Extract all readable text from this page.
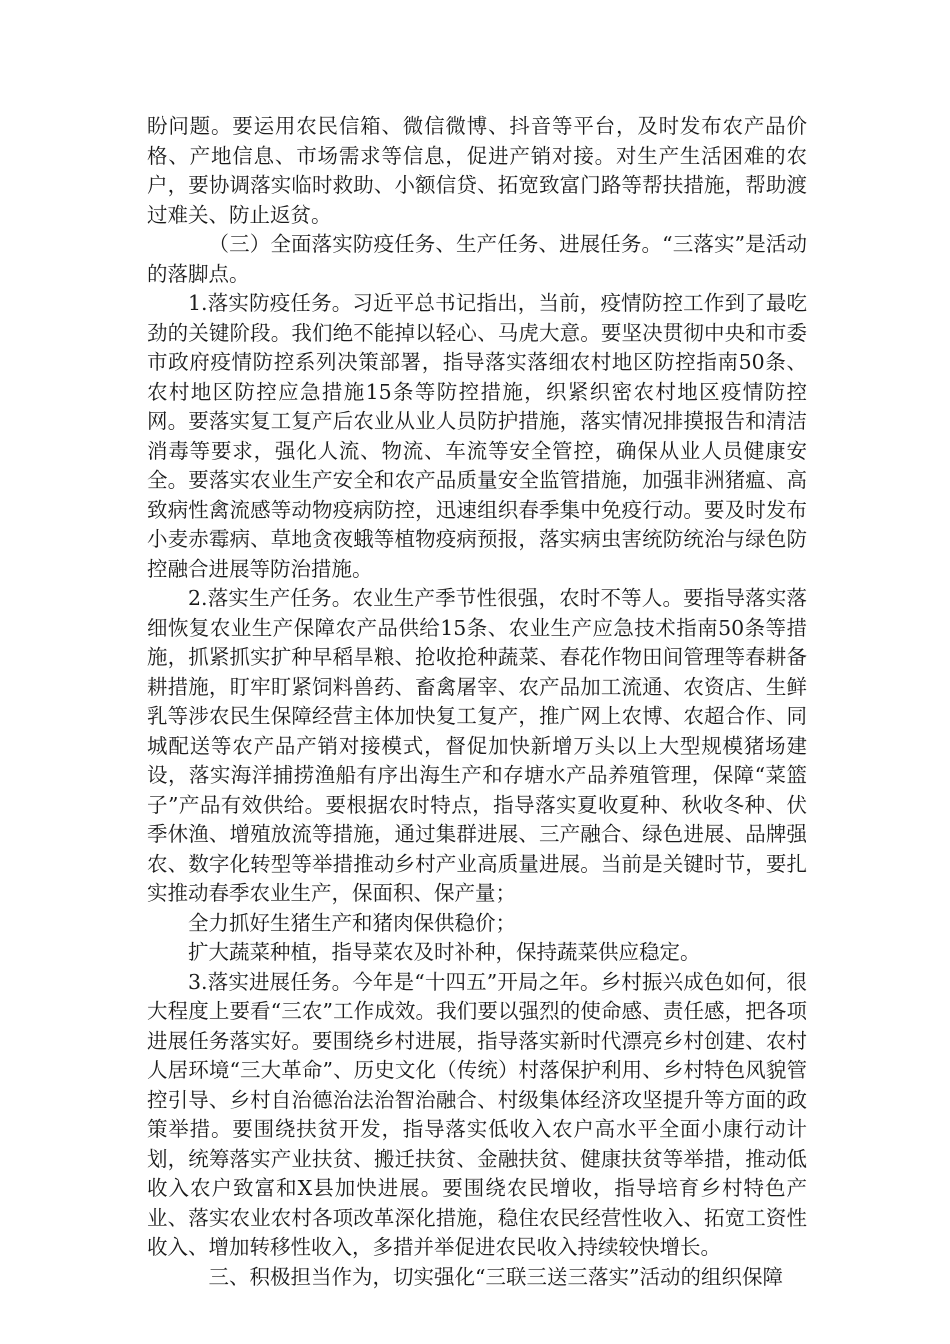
盼问题。要运用农民信箱、微信微博、抖音等平台，及时发布农产品价格、产地信息、市场需求等信息，促进产销对接。对生产生活困难的农户，要协调落实临时救助、小额信贷、拓宽致富门路等帮扶措施，帮助渡过难关、防止返贫。

（三）全面落实防疫任务、生产任务、进展任务。“三落实”是活动的落脚点。

1.落实防疫任务。习近平总书记指出，当前，疫情防控工作到了最吃劲的关键阶段。我们绝不能掉以轻心、马虎大意。要坚决贯彻中央和市委市政府疫情防控系列决策部署，指导落实落细农村地区防控指南50条、农村地区防控应急措施15条等防控措施，织紧织密农村地区疫情防控网。要落实复工复产后农业从业人员防护措施，落实情况排摸报告和清洁消毒等要求，强化人流、物流、车流等安全管控，确保从业人员健康安全。要落实农业生产安全和农产品质量安全监管措施，加强非洲猪瘟、高致病性禽流感等动物疫病防控，迅速组织春季集中免疫行动。要及时发布小麦赤霉病、草地贪夜蛾等植物疫病预报，落实病虫害统防统治与绿色防控融合进展等防治措施。

2.落实生产任务。农业生产季节性很强，农时不等人。要指导落实落细恢复农业生产保障农产品供给15条、农业生产应急技术指南50条等措施，抓紧抓实扩种早稻旱粮、抢收抢种蔬菜、春花作物田间管理等春耕备耕措施，盯牢盯紧饲料兽药、畜禽屠宰、农产品加工流通、农资店、生鲜乳等涉农民生保障经营主体加快复工复产，推广网上农博、农超合作、同城配送等农产品产销对接模式，督促加快新增万头以上大型规模猪场建设，落实海洋捕捞渔船有序出海生产和存塘水产品养殖管理，保障“菜篮子”产品有效供给。要根据农时特点，指导落实夏收夏种、秋收冬种、伏季休渔、增殖放流等措施，通过集群进展、三产融合、绿色进展、品牌强农、数字化转型等举措推动乡村产业高质量进展。当前是关键时节，要扎实推动春季农业生产，保面积、保产量；

全力抓好生猪生产和猪肉保供稳价；

扩大蔬菜种植，指导菜农及时补种，保持蔬菜供应稳定。

3.落实进展任务。今年是“十四五”开局之年。乡村振兴成色如何，很大程度上要看“三农”工作成效。我们要以强烈的使命感、责任感，把各项进展任务落实好。要围绕乡村进展，指导落实新时代漂亮乡村创建、农村人居环境“三大革命”、历史文化（传统）村落保护利用、乡村特色风貌管控引导、乡村自治德治法治智治融合、村级集体经济攻坚提升等方面的政策举措。要围绕扶贫开发，指导落实低收入农户高水平全面小康行动计划，统筹落实产业扶贫、搬迁扶贫、金融扶贫、健康扶贫等举措，推动低收入农户致富和X县加快进展。要围绕农民增收，指导培育乡村特色产业、落实农业农村各项改革深化措施，稳住农民经营性收入、拓宽工资性收入、增加转移性收入，多措并举促进农民收入持续较快增长。

三、积极担当作为，切实强化“三联三送三落实”活动的组织保障
